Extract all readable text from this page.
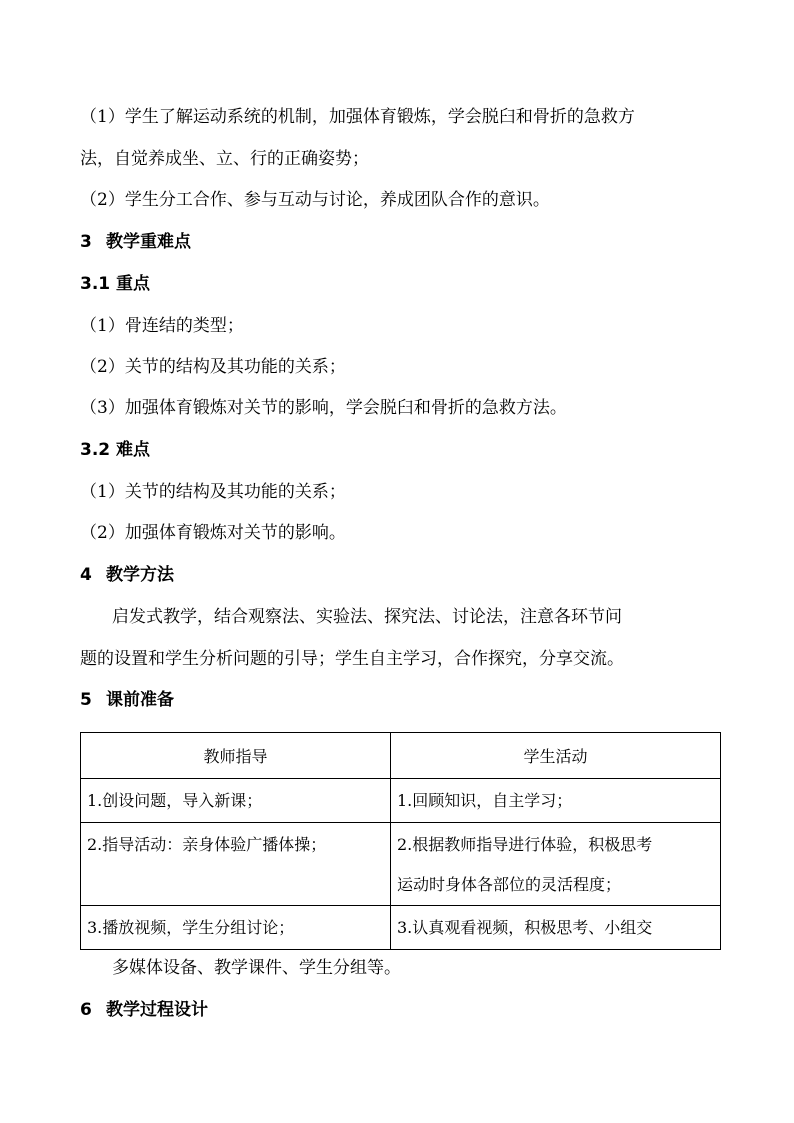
（1）学生了解运动系统的机制，加强体育锻炼，学会脱臼和骨折的急救方
法，自觉养成坐、立、行的正确姿势；
（2）学生分工合作、参与互动与讨论，养成团队合作的意识。
3 教学重难点
3.1 重点
（1）骨连结的类型；
（2）关节的结构及其功能的关系；
（3）加强体育锻炼对关节的影响，学会脱臼和骨折的急救方法。
3.2 难点
（1）关节的结构及其功能的关系；
（2）加强体育锻炼对关节的影响。
4 教学方法
启发式教学，结合观察法、实验法、探究法、讨论法，注意各环节问
题的设置和学生分析问题的引导；学生自主学习，合作探究，分享交流。
5 课前准备
教师指导	学生活动
1.创设问题，导入新课；	1.回顾知识，自主学习；
2.指导活动：亲身体验广播体操；	2.根据教师指导进行体验，积极思考
运动时身体各部位的灵活程度；

3.播放视频，学生分组讨论；	3.认真观看视频，积极思考、小组交
多媒体设备、教学课件、学生分组等。
6 教学过程设计
